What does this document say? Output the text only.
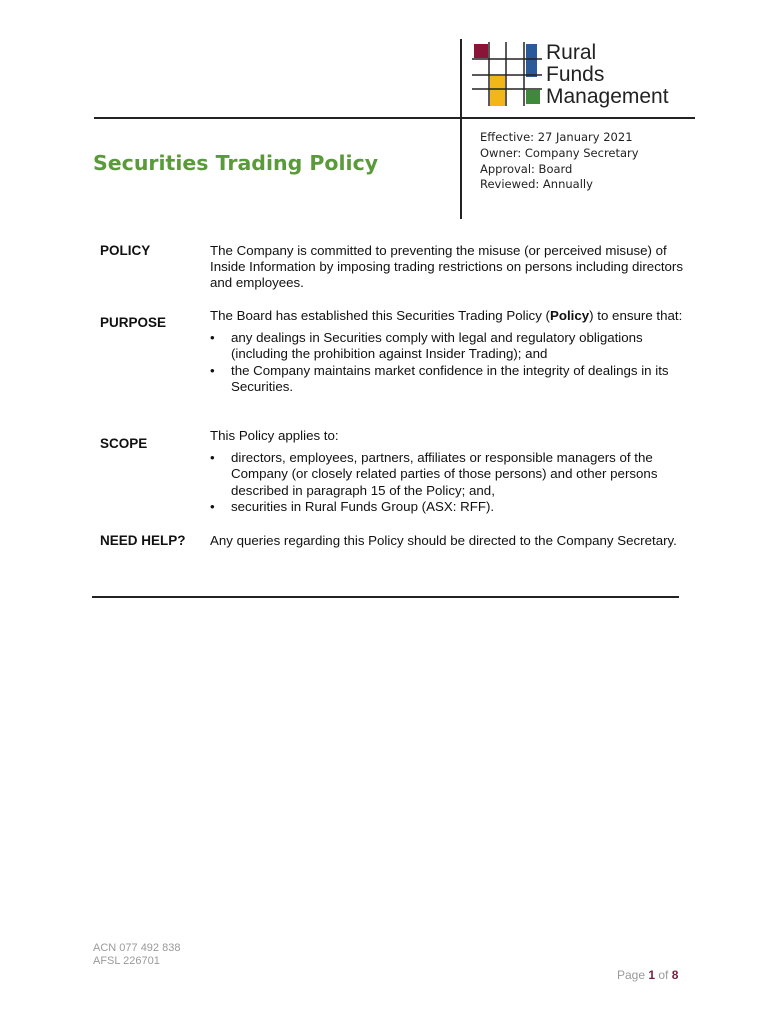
Rural
Funds
Management
Securities Trading Policy
Effective: 27 January 2021
Owner: Company Secretary
Approval: Board
Reviewed: Annually
POLICY	The Company is committed to preventing the misuse (or perceived misuse) of Inside Information by imposing trading restrictions on persons including directors and employees.

PURPOSE	The Board has established this Securities Trading Policy (Policy) to ensure that:

• any dealings in Securities comply with legal and regulatory obligations (including the prohibition against Insider Trading); and
• the Company maintains market confidence in the integrity of dealings in its Securities.
SCOPE

This Policy applies to:

• directors, employees, partners, affiliates or responsible managers of the Company (or closely related parties of those persons) and other persons described in paragraph 15 of the Policy; and,
• securities in Rural Funds Group (ASX: RFF).
NEED HELP? Any queries regarding this Policy should be directed to the Company Secretary.

ACN 077 492 838
AFSL 226701
Page 1 of 8
